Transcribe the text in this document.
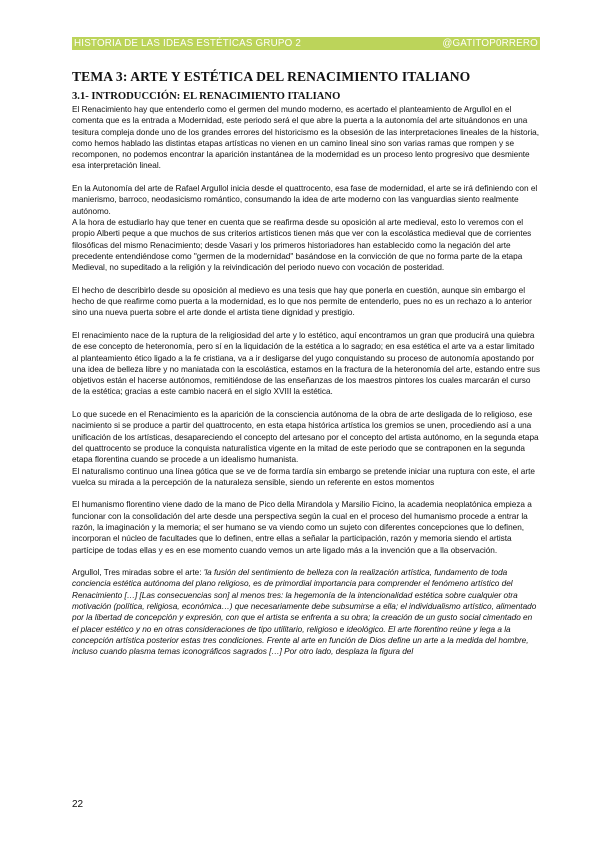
HISTORIA DE LAS IDEAS ESTÉTICAS GRUPO 2	@GATITOP0RRERO
TEMA 3: ARTE Y ESTÉTICA DEL RENACIMIENTO ITALIANO
3.1- INTRODUCCIÓN: EL RENACIMIENTO ITALIANO

El Renacimiento hay que entenderlo como el germen del mundo moderno, es acertado el planteamiento de Argullol en el comenta que es la entrada a Modernidad, este periodo será el que abre la puerta a la autonomía del arte situándonos en una tesitura compleja donde uno de los grandes errores del historicismo es la obsesión de las interpretaciones lineales de la historia, como hemos hablado las distintas etapas artísticas no vienen en un camino lineal sino son varias ramas que rompen y se recomponen, no podemos encontrar la aparición instantánea de la modernidad es un proceso lento progresivo que desmiente esa interpretación lineal.

En la Autonomía del arte de Rafael Argullol inicia desde el quattrocento, esa fase de modernidad, el arte se irá definiendo con el manierismo, barroco, neodasicismo romántico, consumando la idea de arte moderno con las vanguardias siento realmente autónomo.

A la hora de estudiarlo hay que tener en cuenta que se reafirma desde su oposición al arte medieval, esto lo veremos con el propio Alberti peque a que muchos de sus criterios artísticos tienen más que ver con la escolástica medieval que de corrientes filosóficas del mismo Renacimiento; desde Vasari y los primeros historiadores han establecido como la negación del arte precedente entendiéndose como "germen de la modernidad" basándose en la convicción de que no forma parte de la etapa Medieval, no supeditado a la religión y la reivindicación del periodo nuevo con vocación de posteridad.

El hecho de describirlo desde su oposición al medievo es una tesis que hay que ponerla en cuestión, aunque sin embargo el hecho de que reafirme como puerta a la modernidad, es lo que nos permite de entenderlo, pues no es un rechazo a lo anterior sino una nueva puerta sobre el arte donde el artista tiene dignidad y prestigio.

El renacimiento nace de la ruptura de la religiosidad del arte y lo estético, aquí encontramos un gran que producirá una quiebra de ese concepto de heteronomía, pero sí en la liquidación de la estética a lo sagrado; en esa estética el arte va a estar limitado al planteamiento ético ligado a la fe cristiana, va a ir desligarse del yugo conquistando su proceso de autonomía apostando por una idea de belleza libre y no maniatada con la escolástica, estamos en la fractura de la heteronomía del arte, estando entre sus objetivos están el hacerse autónomos, remitiéndose de las enseñanzas de los maestros pintores los cuales marcarán el curso de la estética; gracias a este cambio nacerá en el siglo XVIII la estética.

Lo que sucede en el Renacimiento es la aparición de la consciencia autónoma de la obra de arte desligada de lo religioso, ese nacimiento si se produce a partir del quattrocento, en esta etapa histórica artística los gremios se unen, procediendo así a una unificación de los artísticas, desapareciendo el concepto del artesano por el concepto del artista autónomo, en la segunda etapa del quattrocento se produce la conquista naturalística vigente en la mitad de este periodo que se contraponen en la segunda etapa florentina cuando se procede a un idealismo humanista.

El naturalismo continuo una línea gótica que se ve de forma tardía sin embargo se pretende iniciar una ruptura con este, el arte vuelca su mirada a la percepción de la naturaleza sensible, siendo un referente en estos momentos

El humanismo florentino viene dado de la mano de Pico della Mirandola y Marsilio Ficino, la academia neoplatónica empieza a funcionar con la consolidación del arte desde una perspectiva según la cual en el proceso del humanismo procede a entrar la razón, la imaginación y la memoria; el ser humano se va viendo como un sujeto con diferentes concepciones que lo definen, incorporan el núcleo de facultades que lo definen, entre ellas a señalar la participación, razón y memoria siendo el artista partícipe de todas ellas y es en ese momento cuando vemos un arte ligado más a la invención que a lla observación.

Argullol, Tres miradas sobre el arte: 'la fusión del sentimiento de belleza con la realización artística, fundamento de toda conciencia estética autónoma del plano religioso, es de primordial importancia para comprender el fenómeno artístico del Renacimiento […] [Las consecuencias son] al menos tres: la hegemonía de la intencionalidad estética sobre cualquier otra motivación (política, religiosa, económica…) que necesariamente debe subsumirse a ella; el individualismo artístico, alimentado por la libertad de concepción y expresión, con que el artista se enfrenta a su obra; la creación de un gusto social cimentado en el placer estético y no en otras consideraciones de tipo utilitario, religioso e ideológico. El arte florentino reúne y lega a la concepción artística posterior estas tres condiciones. Frente al arte en función de Dios define un arte a la medida del hombre, incluso cuando plasma temas iconográficos sagrados […] Por otro lado, desplaza la figura del

22
